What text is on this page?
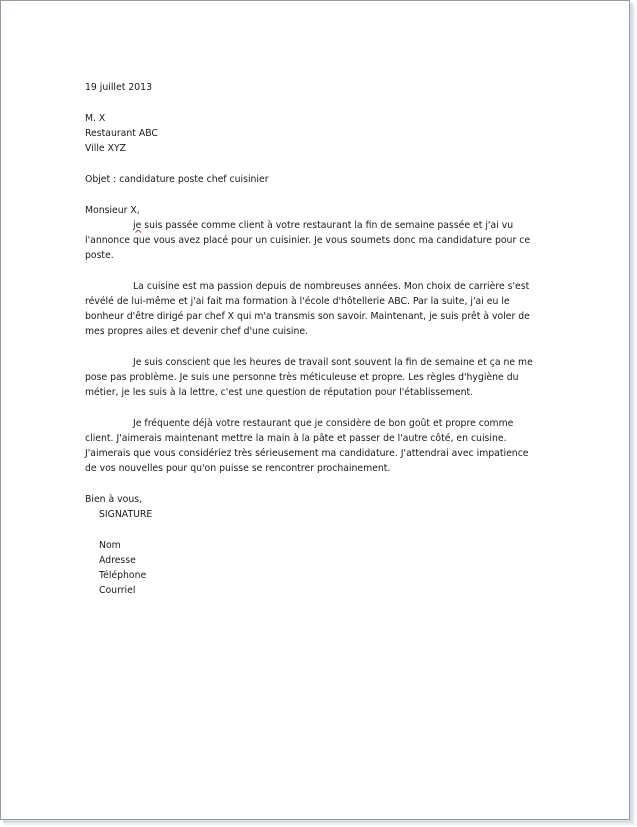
19 juillet 2013
M. X
Restaurant ABC
Ville XYZ
Objet : candidature poste chef cuisinier
Monsieur X,
je suis passée comme client à votre restaurant la fin de semaine passée et j'ai vu
l'annonce que vous avez placé pour un cuisinier. Je vous soumets donc ma candidature pour ce
poste.
La cuisine est ma passion depuis de nombreuses années. Mon choix de carrière s'est
révélé de lui-même et j'ai fait ma formation à l'école d'hôtellerie ABC. Par la suite, j'ai eu le
bonheur d'être dirigé par chef X qui m'a transmis son savoir. Maintenant, je suis prêt à voler de
mes propres ailes et devenir chef d'une cuisine.
Je suis conscient que les heures de travail sont souvent la fin de semaine et ça ne me
pose pas problème. Je suis une personne très méticuleuse et propre. Les règles d'hygiène du
métier, je les suis à la lettre, c'est une question de réputation pour l'établissement.
Je fréquente déjà votre restaurant que je considère de bon goût et propre comme
client. J'aimerais maintenant mettre la main à la pâte et passer de l'autre côté, en cuisine.
J'aimerais que vous considériez très sérieusement ma candidature. J'attendrai avec impatience
de vos nouvelles pour qu'on puisse se rencontrer prochainement.
Bien à vous,
SIGNATURE
Nom
Adresse
Téléphone
Courriel
